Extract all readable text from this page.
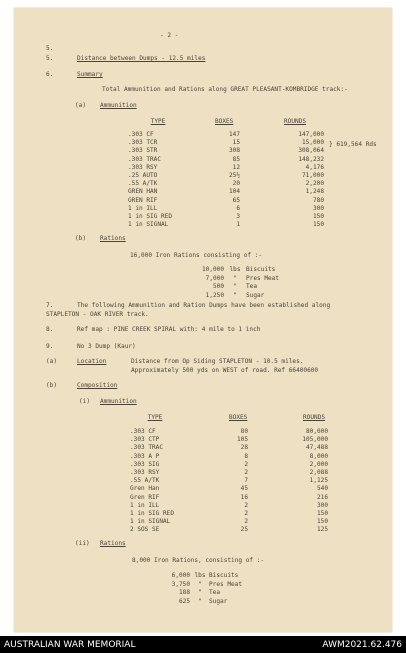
- 2 -
5.
5.	Distance between Dumps - 12.5 miles
6.	Summary
Total Ammunition and Rations along GREAT PLEASANT-KOMBRIDGE track:-
(a) Ammunition
TYPE	BOXES	ROUNDS
.303 CF	147	147,000
.303 TCR	15	15,000
.303 STR	308	308,064
.303 TRAC	85	148,232
.303 RSY	12	4,176
.25 AUTO	25½	71,000
.55 A/TK	20	2,200
GREN HAN	104	1,248
GREN RIF	65	780
1 in ILL	6	300
1 in SIG RED	3	150
1 in SIGNAL	1	150
} 619,564 Rds
(b) Rations
16,000 Iron Rations consisting of :-
10,000 lbs Biscuits
7,000	"	Pres Meat
500	"	Tea
1,250	"	Sugar
7.	The following Ammunition and Ration Dumps have been established along
STAPLETON - OAK RIVER track.
8.	Ref map : PINE CREEK SPIRAL with: 4 mile to 1 inch
9.	No 3 Dump (Kaur)
(a)	Location	Distance from Op Siding STAPLETON - 10.5 miles.
Approximately 500 yds on WEST of road. Ref 66400600
(b)	Composition
(i) Ammunition
TYPE	BOXES	ROUNDS
.303 CF	80	80,000
.303 CTP	105	105,000
.303 TRAC	28	47,488
.303 A P	8	8,000
.303 SIG	2	2,000
.303 RSY	2	2,088
.55 A/TK	7	1,125
Gren Han	45	540
Gren RIF	16	216
1 in ILL	2	300
1 in SIG RED	2	150
1 in SIGNAL	2	150
2 SOS SE	25	125
(ii) Rations
8,000 Iron Rations, consisting of :-
6,000 lbs Biscuits
3,750	"	Pres Meat
188	"	Tea
625	"	Sugar
AUSTRALIAN WAR MEMORIAL	AWM2021.62.476
